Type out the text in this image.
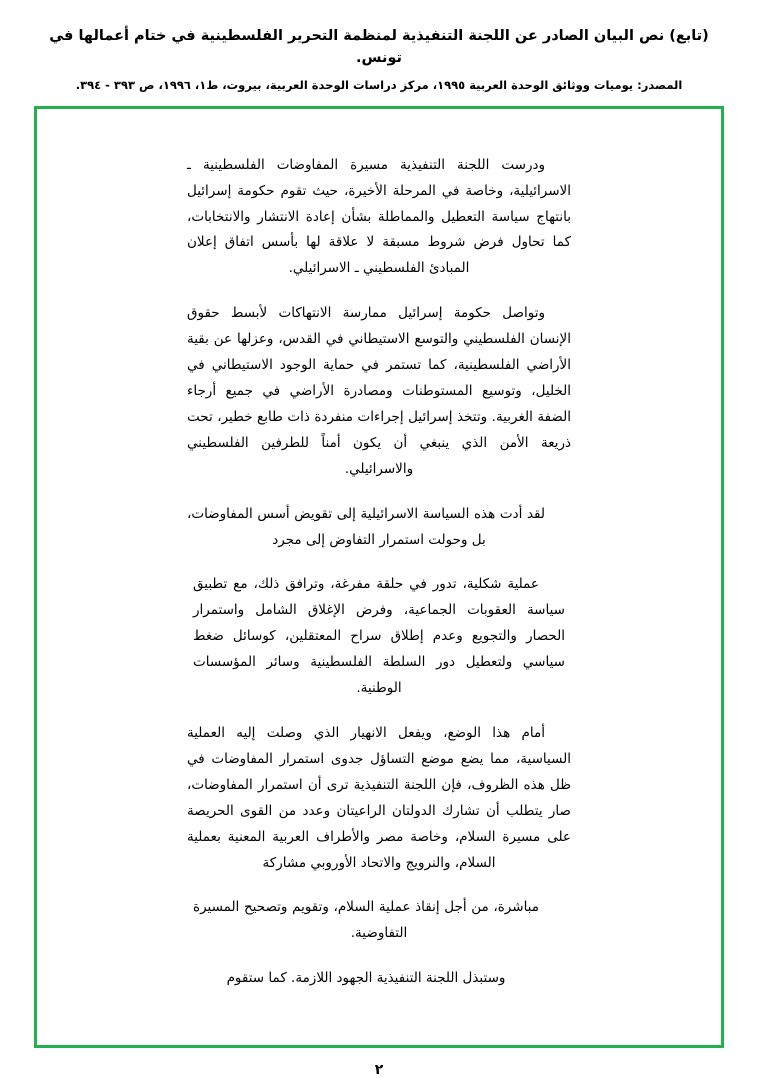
(تابع) نص البيان الصادر عن اللجنة التنفيذية لمنظمة التحرير الفلسطينية في ختام أعمالها في تونس.
المصدر: يوميات ووثائق الوحدة العربية ١٩٩٥، مركز دراسات الوحدة العربية، بيروت، ط١، ١٩٩٦، ص ٣٩٣ - ٣٩٤.

ودرست اللجنة التنفيذية مسيرة المفاوضات الفلسطينية ـ الاسرائيلية، وخاصة في المرحلة الأخيرة، حيث تقوم حكومة إسرائيل بانتهاج سياسة التعطيل والمماطلة بشأن إعادة الانتشار والانتخابات، كما تحاول فرض شروط مسبقة لا علاقة لها بأسس اتفاق إعلان المبادئ الفلسطيني ـ الاسرائيلي.

وتواصل حكومة إسرائيل ممارسة الانتهاكات لأبسط حقوق الإنسان الفلسطيني والتوسع الاستيطاني في القدس، وعزلها عن بقية الأراضي الفلسطينية، كما تستمر في حماية الوجود الاستيطاني في الخليل، وتوسيع المستوطنات ومصادرة الأراضي في جميع أرجاء الضفة الغربية. وتتخذ إسرائيل إجراءات منفردة ذات طابع خطير، تحت ذريعة الأمن الذي ينبغي أن يكون أمناً للطرفين الفلسطيني والاسرائيلي.

لقد أدت هذه السياسة الاسرائيلية إلى تقويض أسس المفاوضات، بل وحولت استمرار التفاوض إلى مجرد

عملية شكلية، تدور في حلقة مفرغة، وترافق ذلك، مع تطبيق سياسة العقوبات الجماعية، وفرض الإغلاق الشامل واستمرار الحصار والتجويع وعدم إطلاق سراح المعتقلين، كوسائل ضغط سياسي ولتعطيل دور السلطة الفلسطينية وسائر المؤسسات الوطنية.

أمام هذا الوضع، ويفعل الانهيار الذي وصلت إليه العملية السياسية، مما يضع موضع التساؤل جدوى استمرار المفاوضات في ظل هذه الظروف، فإن اللجنة التنفيذية ترى أن استمرار المفاوضات، صار يتطلب أن تشارك الدولتان الراعيتان وعدد من القوى الحريصة على مسيرة السلام، وخاصة مصر والأطراف العربية المعنية بعملية السلام، والنرويج والاتحاد الأوروبي مشاركة

مباشرة، من أجل إنقاذ عملية السلام، وتقويم وتصحيح المسيرة التفاوضية.

وستبذل اللجنة التنفيذية الجهود اللازمة. كما ستقوم

٢
